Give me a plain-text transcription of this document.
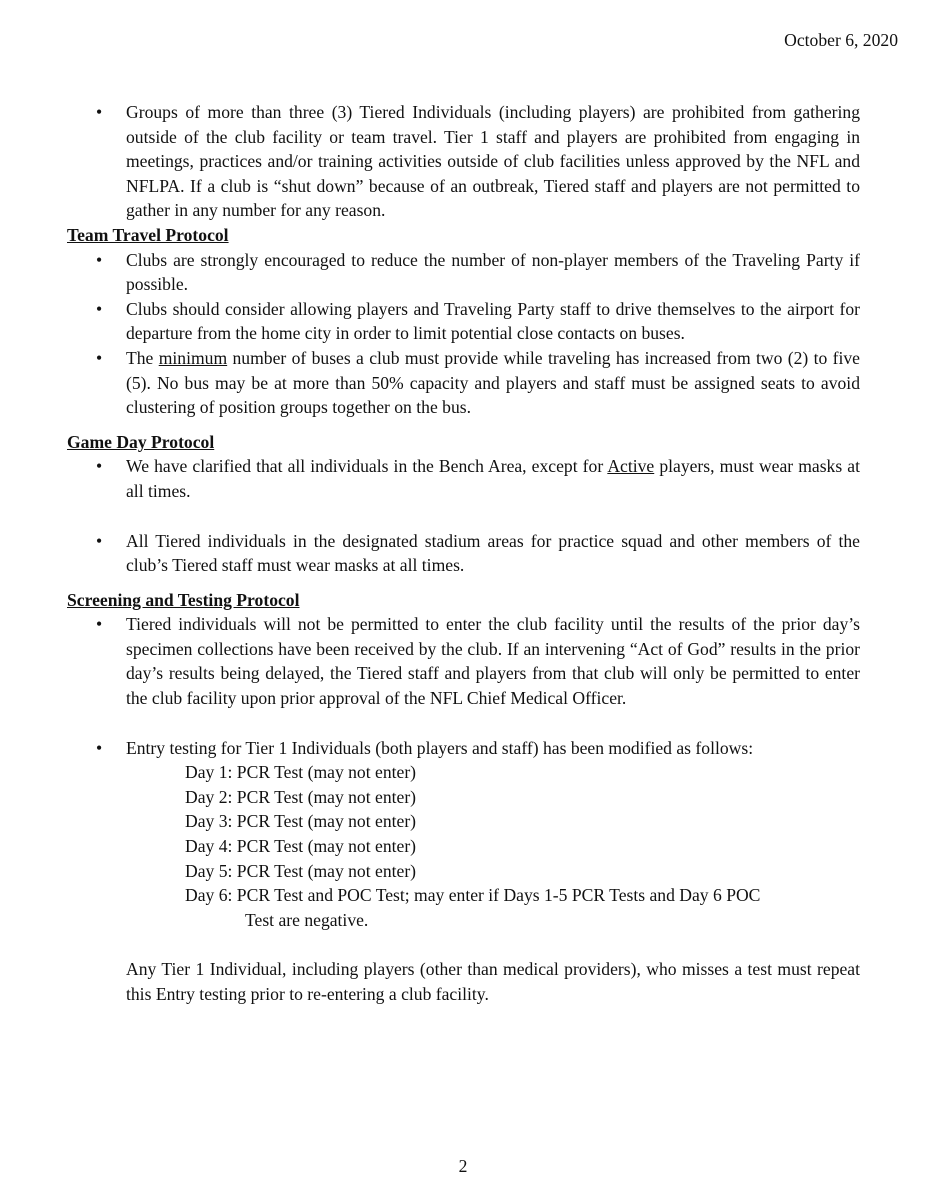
October 6, 2020
• Groups of more than three (3) Tiered Individuals (including players) are prohibited from gathering outside of the club facility or team travel. Tier 1 staff and players are prohibited from engaging in meetings, practices and/or training activities outside of club facilities unless approved by the NFL and NFLPA. If a club is “shut down” because of an outbreak, Tiered staff and players are not permitted to gather in any number for any reason.
Team Travel Protocol
• Clubs are strongly encouraged to reduce the number of non-player members of the Traveling Party if possible.
• Clubs should consider allowing players and Traveling Party staff to drive themselves to the airport for departure from the home city in order to limit potential close contacts on buses.
• The minimum number of buses a club must provide while traveling has increased from two (2) to five (5). No bus may be at more than 50% capacity and players and staff must be assigned seats to avoid clustering of position groups together on the bus.
Game Day Protocol
• We have clarified that all individuals in the Bench Area, except for Active players, must wear masks at all times.
• All Tiered individuals in the designated stadium areas for practice squad and other members of the club’s Tiered staff must wear masks at all times.
Screening and Testing Protocol
• Tiered individuals will not be permitted to enter the club facility until the results of the prior day’s specimen collections have been received by the club. If an intervening “Act of God” results in the prior day’s results being delayed, the Tiered staff and players from that club will only be permitted to enter the club facility upon prior approval of the NFL Chief Medical Officer.
• Entry testing for Tier 1 Individuals (both players and staff) has been modified as follows:
Day 1: PCR Test (may not enter)
Day 2: PCR Test (may not enter)
Day 3: PCR Test (may not enter)
Day 4: PCR Test (may not enter)
Day 5: PCR Test (may not enter)
Day 6: PCR Test and POC Test; may enter if Days 1-5 PCR Tests and Day 6 POC
Test are negative.
Any Tier 1 Individual, including players (other than medical providers), who misses a test must repeat this Entry testing prior to re-entering a club facility.
2
